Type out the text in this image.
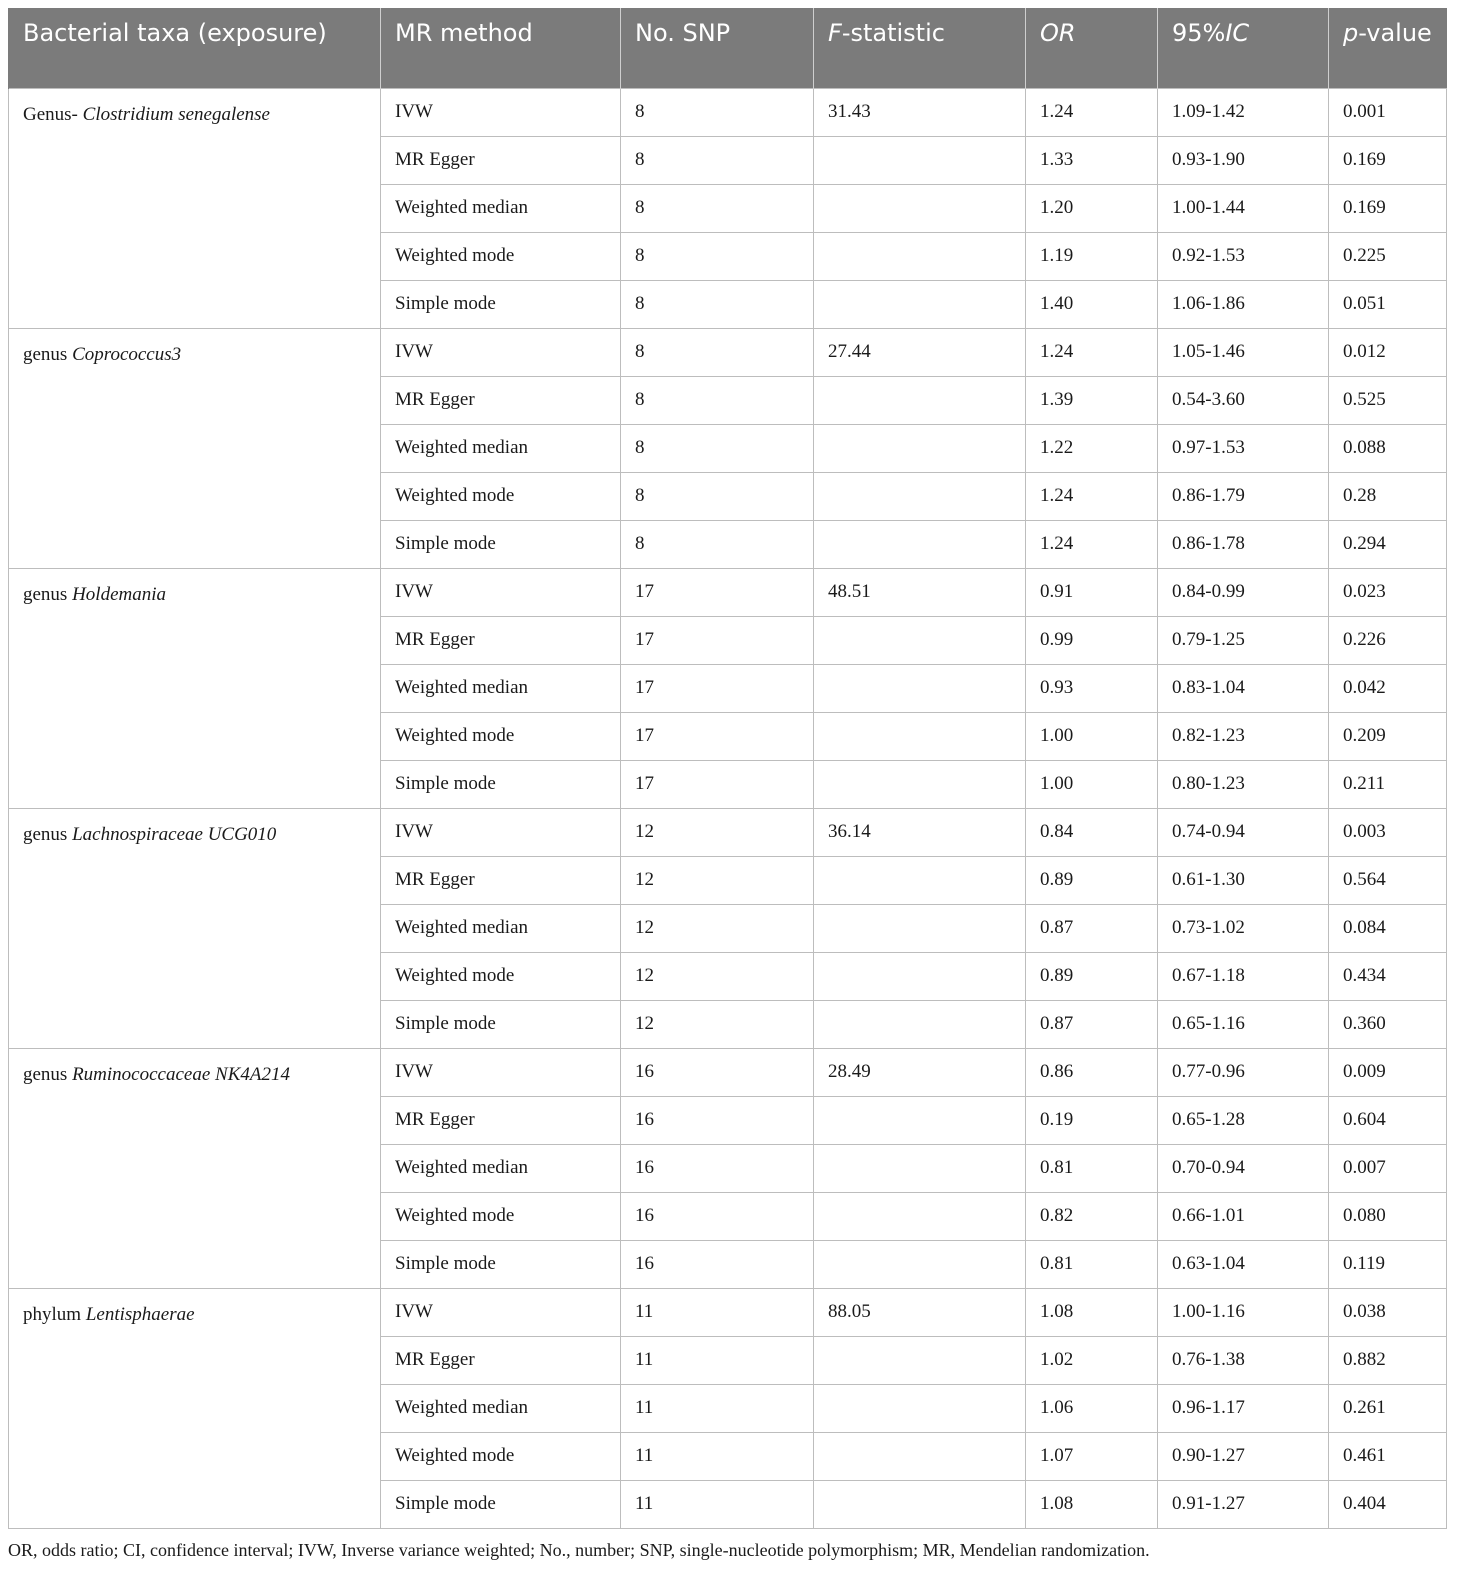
Bacterial taxa (exposure)	MR method	No. SNP	F-statistic	OR	95%IC	p-value
Genus- Clostridium senegalense	IVW	8	31.43	1.24	1.09-1.42	0.001
	MR Egger	8		1.33	0.93-1.90	0.169
	Weighted median	8		1.20	1.00-1.44	0.169
	Weighted mode	8		1.19	0.92-1.53	0.225
	Simple mode	8		1.40	1.06-1.86	0.051
genus Coprococcus3	IVW	8	27.44	1.24	1.05-1.46	0.012
	MR Egger	8		1.39	0.54-3.60	0.525
	Weighted median	8		1.22	0.97-1.53	0.088
	Weighted mode	8		1.24	0.86-1.79	0.28
	Simple mode	8		1.24	0.86-1.78	0.294
genus Holdemania	IVW	17	48.51	0.91	0.84-0.99	0.023
	MR Egger	17		0.99	0.79-1.25	0.226
	Weighted median	17		0.93	0.83-1.04	0.042
	Weighted mode	17		1.00	0.82-1.23	0.209
	Simple mode	17		1.00	0.80-1.23	0.211
genus Lachnospiraceae UCG010	IVW	12	36.14	0.84	0.74-0.94	0.003
	MR Egger	12		0.89	0.61-1.30	0.564
	Weighted median	12		0.87	0.73-1.02	0.084
	Weighted mode	12		0.89	0.67-1.18	0.434
	Simple mode	12		0.87	0.65-1.16	0.360
genus Ruminococcaceae NK4A214	IVW	16	28.49	0.86	0.77-0.96	0.009
	MR Egger	16		0.19	0.65-1.28	0.604
	Weighted median	16		0.81	0.70-0.94	0.007
	Weighted mode	16		0.82	0.66-1.01	0.080
	Simple mode	16		0.81	0.63-1.04	0.119
phylum Lentisphaerae	IVW	11	88.05	1.08	1.00-1.16	0.038
	MR Egger	11		1.02	0.76-1.38	0.882
	Weighted median	11		1.06	0.96-1.17	0.261
	Weighted mode	11		1.07	0.90-1.27	0.461
	Simple mode	11		1.08	0.91-1.27	0.404
OR, odds ratio; CI, confidence interval; IVW, Inverse variance weighted; No., number; SNP, single-nucleotide polymorphism; MR, Mendelian randomization.
